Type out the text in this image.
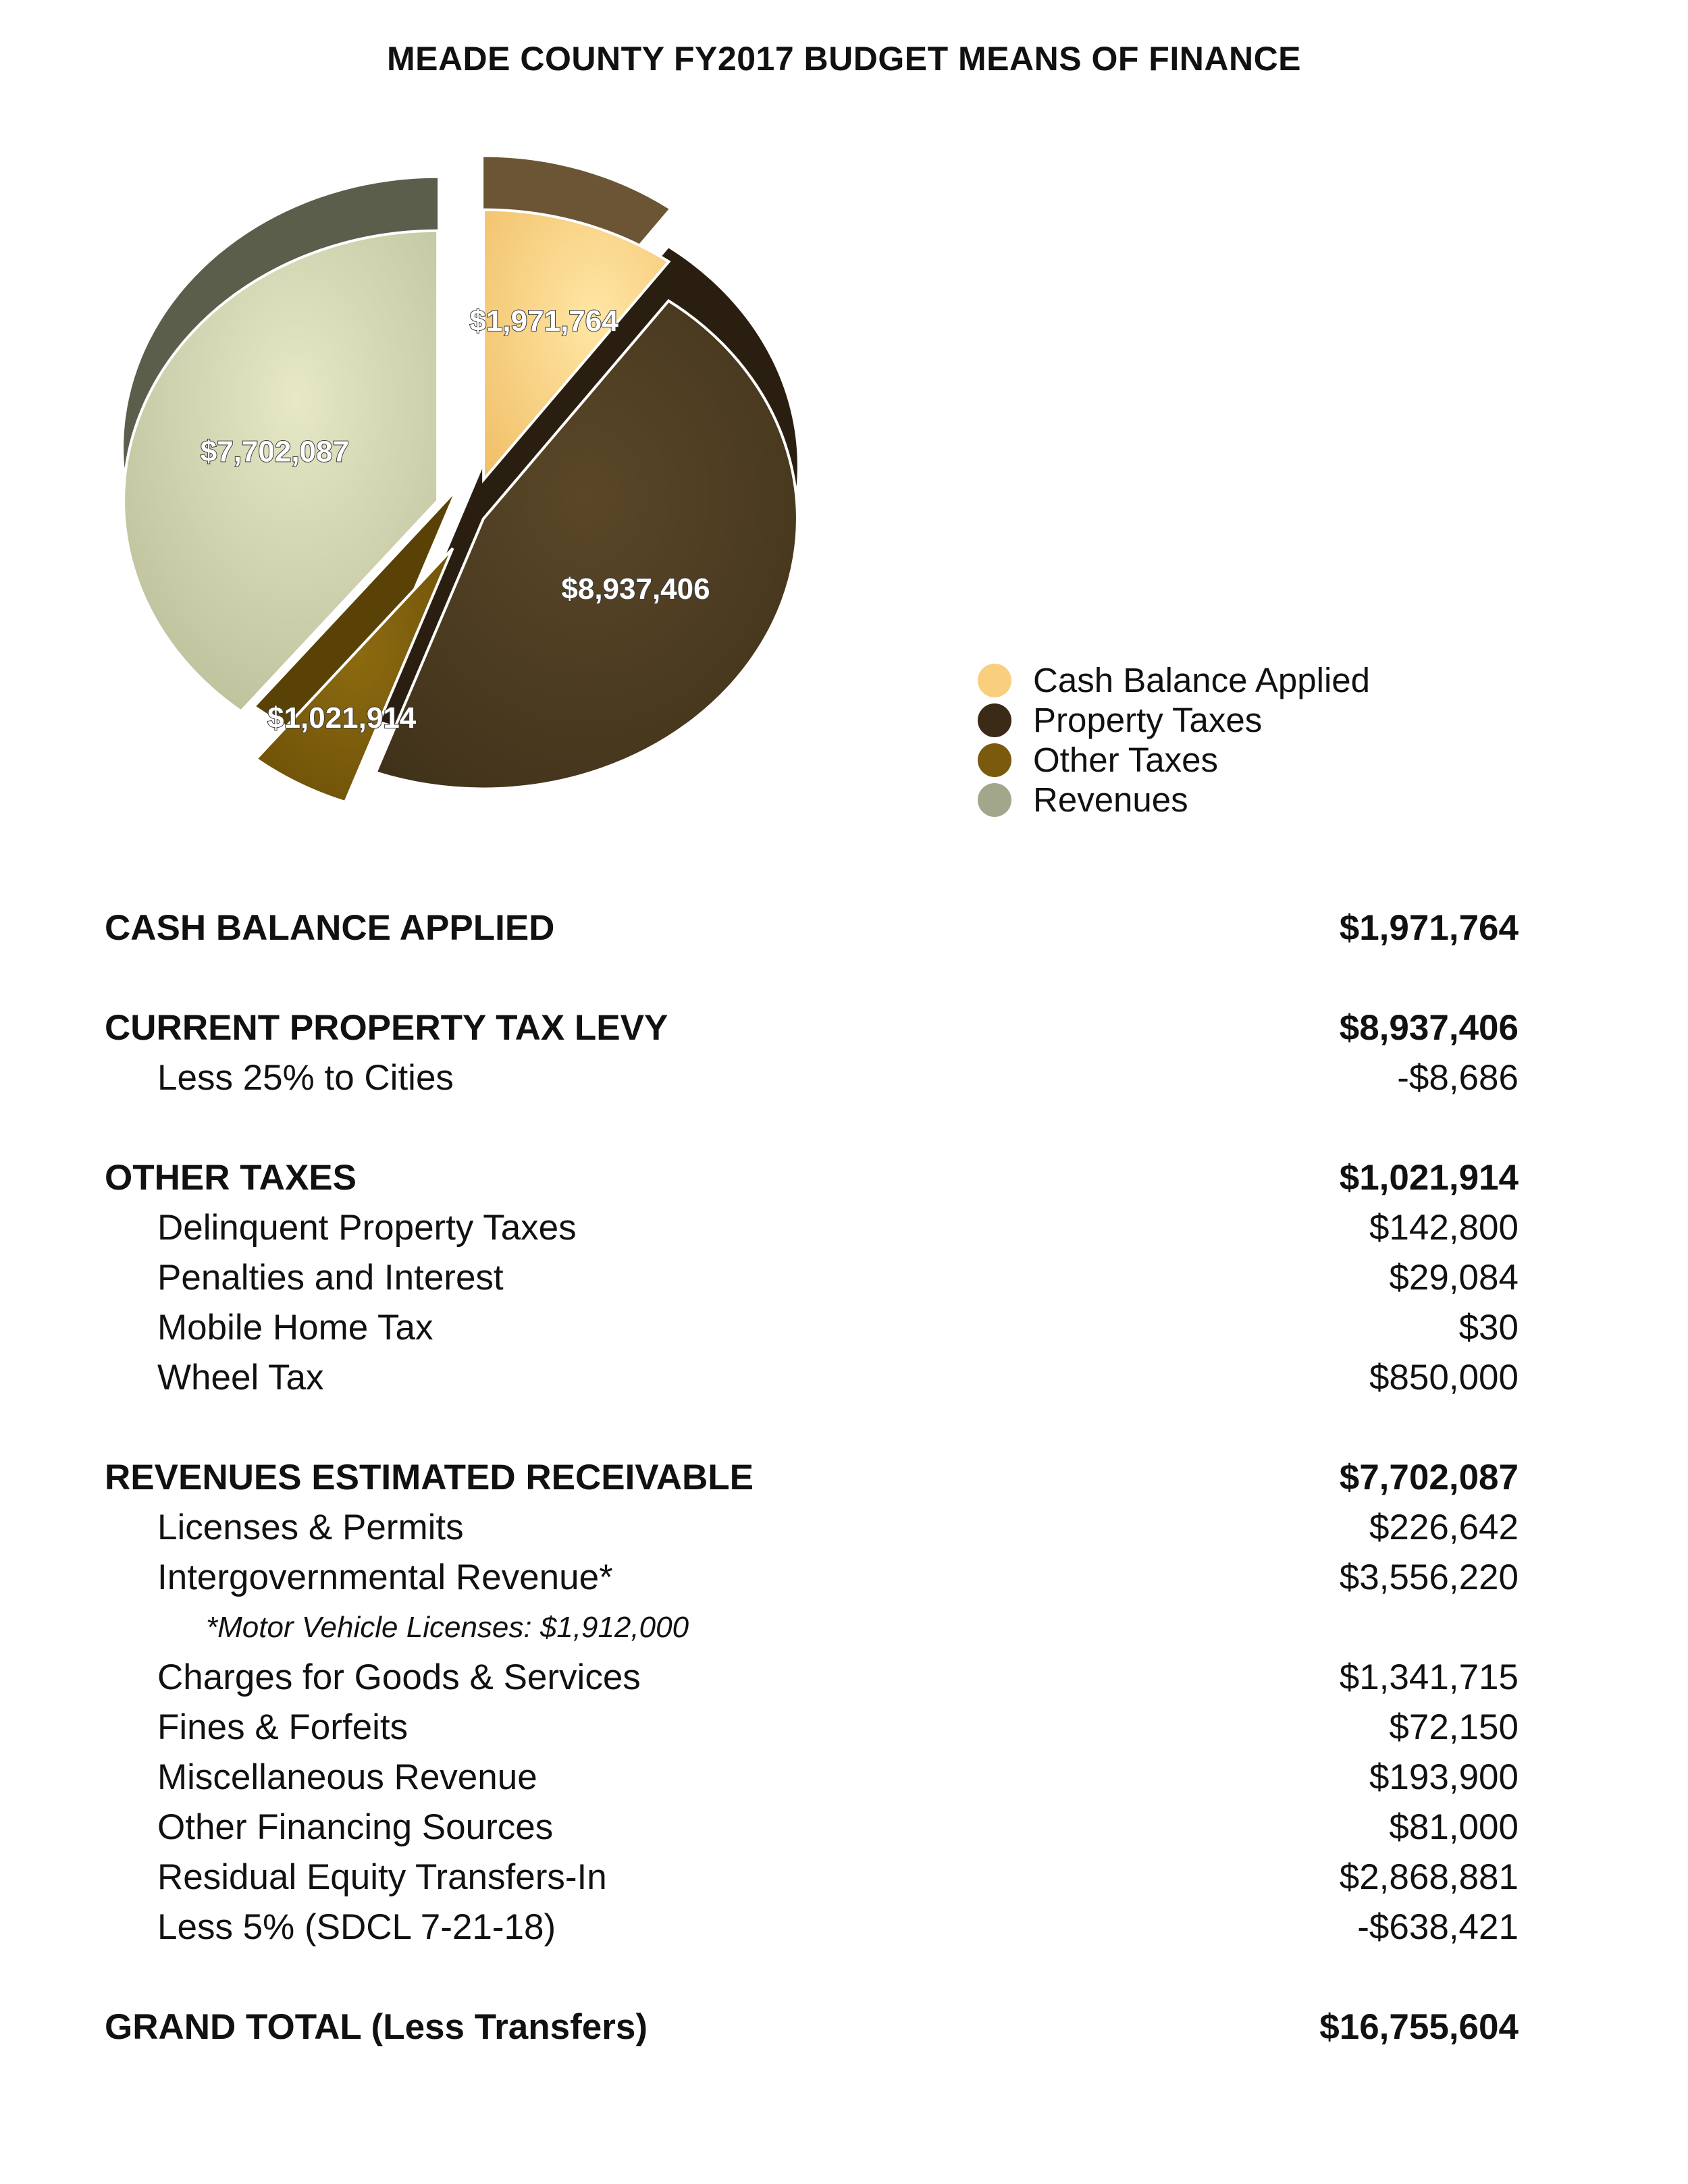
MEADE COUNTY FY2017 BUDGET MEANS OF FINANCE
$1,971,764
$8,937,406
$1,021,914
$7,702,087
Cash Balance Applied
Property Taxes
Other Taxes
Revenues
CASH BALANCE APPLIED	$1,971,764
CURRENT PROPERTY TAX LEVY	$8,937,406
Less 25% to Cities	-$8,686
OTHER TAXES	$1,021,914
Delinquent Property Taxes	$142,800
Penalties and Interest	$29,084
Mobile Home Tax	$30
Wheel Tax	$850,000
REVENUES ESTIMATED RECEIVABLE	$7,702,087
Licenses & Permits	$226,642
Intergovernmental Revenue*	$3,556,220
*Motor Vehicle Licenses: $1,912,000
Charges for Goods & Services	$1,341,715
Fines & Forfeits	$72,150
Miscellaneous Revenue	$193,900
Other Financing Sources	$81,000
Residual Equity Transfers-In	$2,868,881
Less 5% (SDCL 7-21-18)	-$638,421
GRAND TOTAL (Less Transfers)	$16,755,604
